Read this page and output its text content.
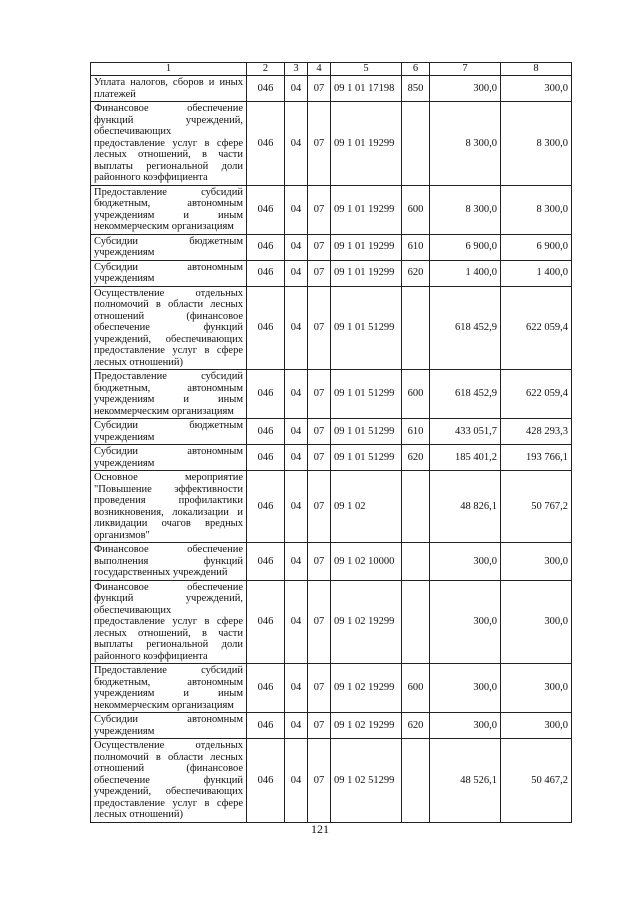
1	2	3	4	5	6	7	8
Уплата налогов, сборов и иных платежей	046	04	07	09 1 01 17198	850	300,0	300,0
Финансовое обеспечение функций учреждений, обеспечивающих предоставление услуг в сфере лесных отношений, в части выплаты региональной доли районного коэффициента	046	04	07	09 1 01 19299		8 300,0	8 300,0
Предоставление субсидий бюджетным, автономным учреждениям и иным некоммерческим организациям	046	04	07	09 1 01 19299	600	8 300,0	8 300,0
Субсидии бюджетным учреждениям	046	04	07	09 1 01 19299	610	6 900,0	6 900,0
Субсидии автономным учреждениям	046	04	07	09 1 01 19299	620	1 400,0	1 400,0
Осуществление отдельных полномочий в области лесных отношений (финансовое обеспечение функций учреждений, обеспечивающих предоставление услуг в сфере лесных отношений)	046	04	07	09 1 01 51299		618 452,9	622 059,4
Предоставление субсидий бюджетным, автономным учреждениям и иным некоммерческим организациям	046	04	07	09 1 01 51299	600	618 452,9	622 059,4
Субсидии бюджетным учреждениям	046	04	07	09 1 01 51299	610	433 051,7	428 293,3
Субсидии автономным учреждениям	046	04	07	09 1 01 51299	620	185 401,2	193 766,1
Основное мероприятие "Повышение эффективности проведения профилактики возникновения, локализации и ликвидации очагов вредных организмов"	046	04	07	09 1 02		48 826,1	50 767,2
Финансовое обеспечение выполнения функций государственных учреждений	046	04	07	09 1 02 10000		300,0	300,0
Финансовое обеспечение функций учреждений, обеспечивающих предоставление услуг в сфере лесных отношений, в части выплаты региональной доли районного коэффициента	046	04	07	09 1 02 19299		300,0	300,0
Предоставление субсидий бюджетным, автономным учреждениям и иным некоммерческим организациям	046	04	07	09 1 02 19299	600	300,0	300,0
Субсидии автономным учреждениям	046	04	07	09 1 02 19299	620	300,0	300,0
Осуществление отдельных полномочий в области лесных отношений (финансовое обеспечение функций учреждений, обеспечивающих предоставление услуг в сфере лесных отношений)	046	04	07	09 1 02 51299		48 526,1	50 467,2
121
